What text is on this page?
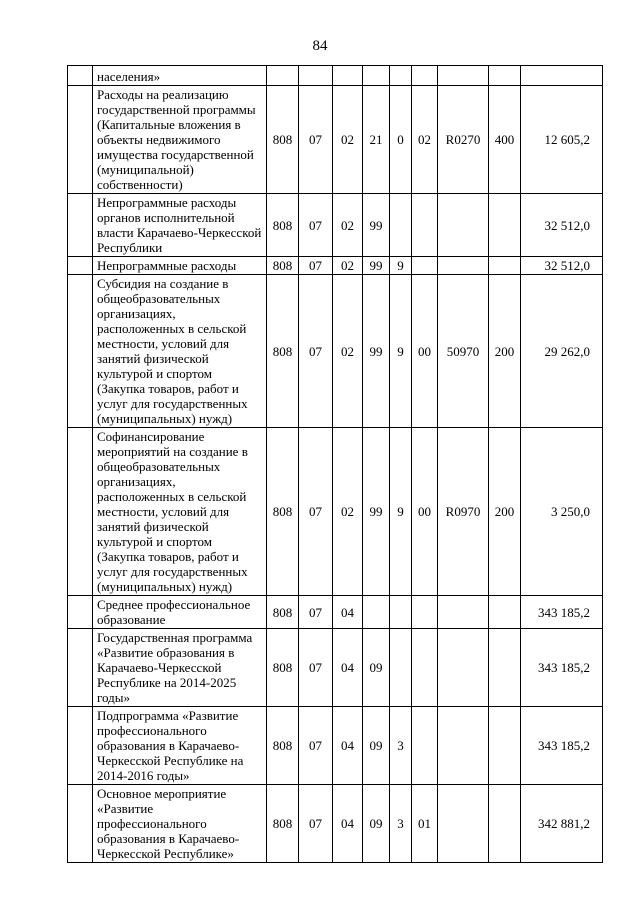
84
	населения»									
	Расходы на реализацию государственной программы (Капитальные вложения в объекты недвижимого имущества государственной (муниципальной) собственности)	808	07	02	21	0	02	R0270	400	12 605,2
	Непрограммные расходы органов исполнительной власти Карачаево-Черкесской Республики	808	07	02	99					32 512,0
	Непрограммные расходы	808	07	02	99	9				32 512,0
	Субсидия на создание в общеобразовательных организациях, расположенных в сельской местности, условий для занятий физической культурой и спортом (Закупка товаров, работ и услуг для государственных (муниципальных) нужд)	808	07	02	99	9	00	50970	200	29 262,0
	Софинансирование мероприятий на создание в общеобразовательных организациях, расположенных в сельской местности, условий для занятий физической культурой и спортом (Закупка товаров, работ и услуг для государственных (муниципальных) нужд)	808	07	02	99	9	00	R0970	200	3 250,0
	Среднее профессиональное образование	808	07	04						343 185,2
	Государственная программа «Развитие образования в Карачаево-Черкесской Республике на 2014-2025 годы»	808	07	04	09					343 185,2
	Подпрограмма «Развитие профессионального образования в Карачаево-Черкесской Республике на 2014-2016 годы»	808	07	04	09	3				343 185,2
	Основное мероприятие «Развитие профессионального образования в Карачаево-Черкесской Республике»	808	07	04	09	3	01			342 881,2
